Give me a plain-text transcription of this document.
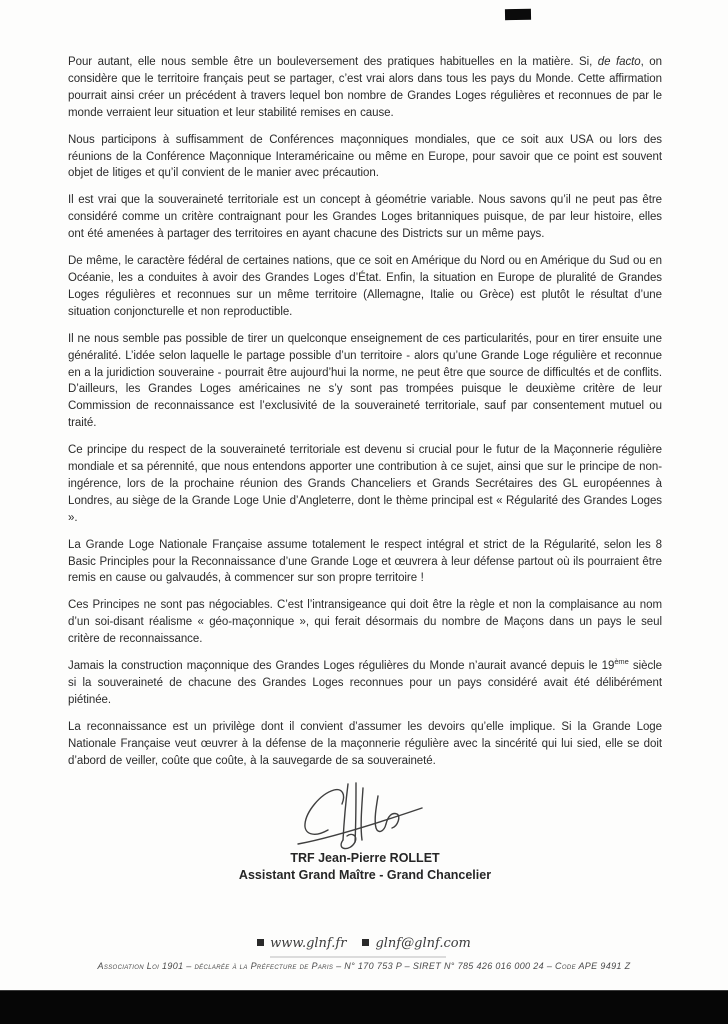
Pour autant, elle nous semble être un bouleversement des pratiques habituelles en la matière. Si, de facto, on considère que le territoire français peut se partager, c’est vrai alors dans tous les pays du Monde. Cette affirmation pourrait ainsi créer un précédent à travers lequel bon nombre de Grandes Loges régulières et reconnues de par le monde verraient leur situation et leur stabilité remises en cause.

Nous participons à suffisamment de Conférences maçonniques mondiales, que ce soit aux USA ou lors des réunions de la Conférence Maçonnique Interaméricaine ou même en Europe, pour savoir que ce point est souvent objet de litiges et qu’il convient de le manier avec précaution.

Il est vrai que la souveraineté territoriale est un concept à géométrie variable. Nous savons qu’il ne peut pas être considéré comme un critère contraignant pour les Grandes Loges britanniques puisque, de par leur histoire, elles ont été amenées à partager des territoires en ayant chacune des Districts sur un même pays.

De même, le caractère fédéral de certaines nations, que ce soit en Amérique du Nord ou en Amérique du Sud ou en Océanie, les a conduites à avoir des Grandes Loges d’État. Enfin, la situation en Europe de pluralité de Grandes Loges régulières et reconnues sur un même territoire (Allemagne, Italie ou Grèce) est plutôt le résultat d’une situation conjoncturelle et non reproductible.

Il ne nous semble pas possible de tirer un quelconque enseignement de ces particularités, pour en tirer ensuite une généralité. L’idée selon laquelle le partage possible d’un territoire - alors qu’une Grande Loge régulière et reconnue en a la juridiction souveraine - pourrait être aujourd’hui la norme, ne peut être que source de difficultés et de conflits. D’ailleurs, les Grandes Loges américaines ne s’y sont pas trompées puisque le deuxième critère de leur Commission de reconnaissance est l’exclusivité de la souveraineté territoriale, sauf par consentement mutuel ou traité.

Ce principe du respect de la souveraineté territoriale est devenu si crucial pour le futur de la Maçonnerie régulière mondiale et sa pérennité, que nous entendons apporter une contribution à ce sujet, ainsi que sur le principe de non-ingérence, lors de la prochaine réunion des Grands Chanceliers et Grands Secrétaires des GL européennes à Londres, au siège de la Grande Loge Unie d’Angleterre, dont le thème principal est « Régularité des Grandes Loges ».

La Grande Loge Nationale Française assume totalement le respect intégral et strict de la Régularité, selon les 8 Basic Principles pour la Reconnaissance d’une Grande Loge et œuvrera à leur défense partout où ils pourraient être remis en cause ou galvaudés, à commencer sur son propre territoire !

Ces Principes ne sont pas négociables. C’est l’intransigeance qui doit être la règle et non la complaisance au nom d’un soi-disant réalisme « géo-maçonnique », qui ferait désormais du nombre de Maçons dans un pays le seul critère de reconnaissance.

Jamais la construction maçonnique des Grandes Loges régulières du Monde n’aurait avancé depuis le 19ème siècle si la souveraineté de chacune des Grandes Loges reconnues pour un pays considéré avait été délibérément piétinée.

La reconnaissance est un privilège dont il convient d’assumer les devoirs qu’elle implique. Si la Grande Loge Nationale Française veut œuvrer à la défense de la maçonnerie régulière avec la sincérité qui lui sied, elle se doit d’abord de veiller, coûte que coûte, à la sauvegarde de sa souveraineté.

TRF Jean-Pierre ROLLET
Assistant Grand Maître - Grand Chancelier
www.glnf.fr glnf@glnf.com
Association Loi 1901 – déclarée à la Préfecture de Paris – N° 170 753 P – SIRET N° 785 426 016 000 24 – Code APE 9491 Z
